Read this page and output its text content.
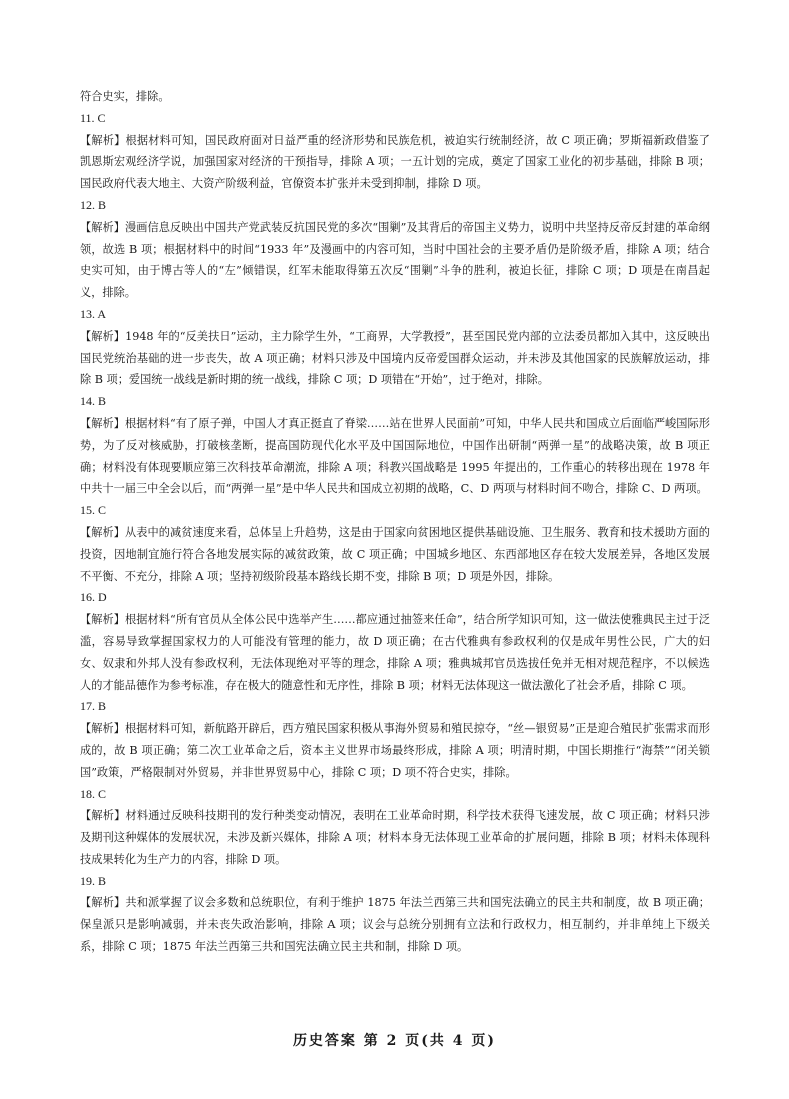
符合史实，排除。

11. C

【解析】根据材料可知，国民政府面对日益严重的经济形势和民族危机，被迫实行统制经济，故 C 项正确；罗斯福新政借鉴了凯恩斯宏观经济学说，加强国家对经济的干预指导，排除 A 项；一五计划的完成，奠定了国家工业化的初步基础，排除 B 项；国民政府代表大地主、大资产阶级利益，官僚资本扩张并未受到抑制，排除 D 项。

12. B

【解析】漫画信息反映出中国共产党武装反抗国民党的多次“围剿”及其背后的帝国主义势力，说明中共坚持反帝反封建的革命纲领，故选 B 项；根据材料中的时间“1933 年”及漫画中的内容可知，当时中国社会的主要矛盾仍是阶级矛盾，排除 A 项；结合史实可知，由于博古等人的“左”倾错误，红军未能取得第五次反“围剿”斗争的胜利，被迫长征，排除 C 项；D 项是在南昌起义，排除。

13. A

【解析】1948 年的“反美扶日”运动，主力除学生外，“工商界，大学教授”，甚至国民党内部的立法委员都加入其中，这反映出国民党统治基础的进一步丧失，故 A 项正确；材料只涉及中国境内反帝爱国群众运动，并未涉及其他国家的民族解放运动，排除 B 项；爱国统一战线是新时期的统一战线，排除 C 项；D 项错在“开始”，过于绝对，排除。

14. B

【解析】根据材料“有了原子弹，中国人才真正挺直了脊梁……站在世界人民面前”可知，中华人民共和国成立后面临严峻国际形势，为了反对核威胁，打破核垄断，提高国防现代化水平及中国国际地位，中国作出研制“两弹一星”的战略决策，故 B 项正确；材料没有体现要顺应第三次科技革命潮流，排除 A 项；科教兴国战略是 1995 年提出的，工作重心的转移出现在 1978 年中共十一届三中全会以后，而“两弹一星”是中华人民共和国成立初期的战略，C、D 两项与材料时间不吻合，排除 C、D 两项。

15. C

【解析】从表中的减贫速度来看，总体呈上升趋势，这是由于国家向贫困地区提供基础设施、卫生服务、教育和技术援助方面的投资，因地制宜施行符合各地发展实际的减贫政策，故 C 项正确；中国城乡地区、东西部地区存在较大发展差异，各地区发展不平衡、不充分，排除 A 项；坚持初级阶段基本路线长期不变，排除 B 项；D 项是外因，排除。

16. D

【解析】根据材料“所有官员从全体公民中选举产生……都应通过抽签来任命”，结合所学知识可知，这一做法使雅典民主过于泛滥，容易导致掌握国家权力的人可能没有管理的能力，故 D 项正确；在古代雅典有参政权利的仅是成年男性公民，广大的妇女、奴隶和外邦人没有参政权利，无法体现绝对平等的理念，排除 A 项；雅典城邦官员选拔任免并无相对规范程序，不以候选人的才能品德作为参考标准，存在极大的随意性和无序性，排除 B 项；材料无法体现这一做法激化了社会矛盾，排除 C 项。

17. B

【解析】根据材料可知，新航路开辟后，西方殖民国家积极从事海外贸易和殖民掠夺，“丝—银贸易”正是迎合殖民扩张需求而形成的，故 B 项正确；第二次工业革命之后，资本主义世界市场最终形成，排除 A 项；明清时期，中国长期推行“海禁”“闭关锁国”政策，严格限制对外贸易，并非世界贸易中心，排除 C 项；D 项不符合史实，排除。

18. C

【解析】材料通过反映科技期刊的发行种类变动情况，表明在工业革命时期，科学技术获得飞速发展，故 C 项正确；材料只涉及期刊这种媒体的发展状况，未涉及新兴媒体，排除 A 项；材料本身无法体现工业革命的扩展问题，排除 B 项；材料未体现科技成果转化为生产力的内容，排除 D 项。

19. B

【解析】共和派掌握了议会多数和总统职位，有利于维护 1875 年法兰西第三共和国宪法确立的民主共和制度，故 B 项正确；保皇派只是影响减弱，并未丧失政治影响，排除 A 项；议会与总统分别拥有立法和行政权力，相互制约，并非单纯上下级关系，排除 C 项；1875 年法兰西第三共和国宪法确立民主共和制，排除 D 项。

历史答案 第 2 页(共 4 页)
